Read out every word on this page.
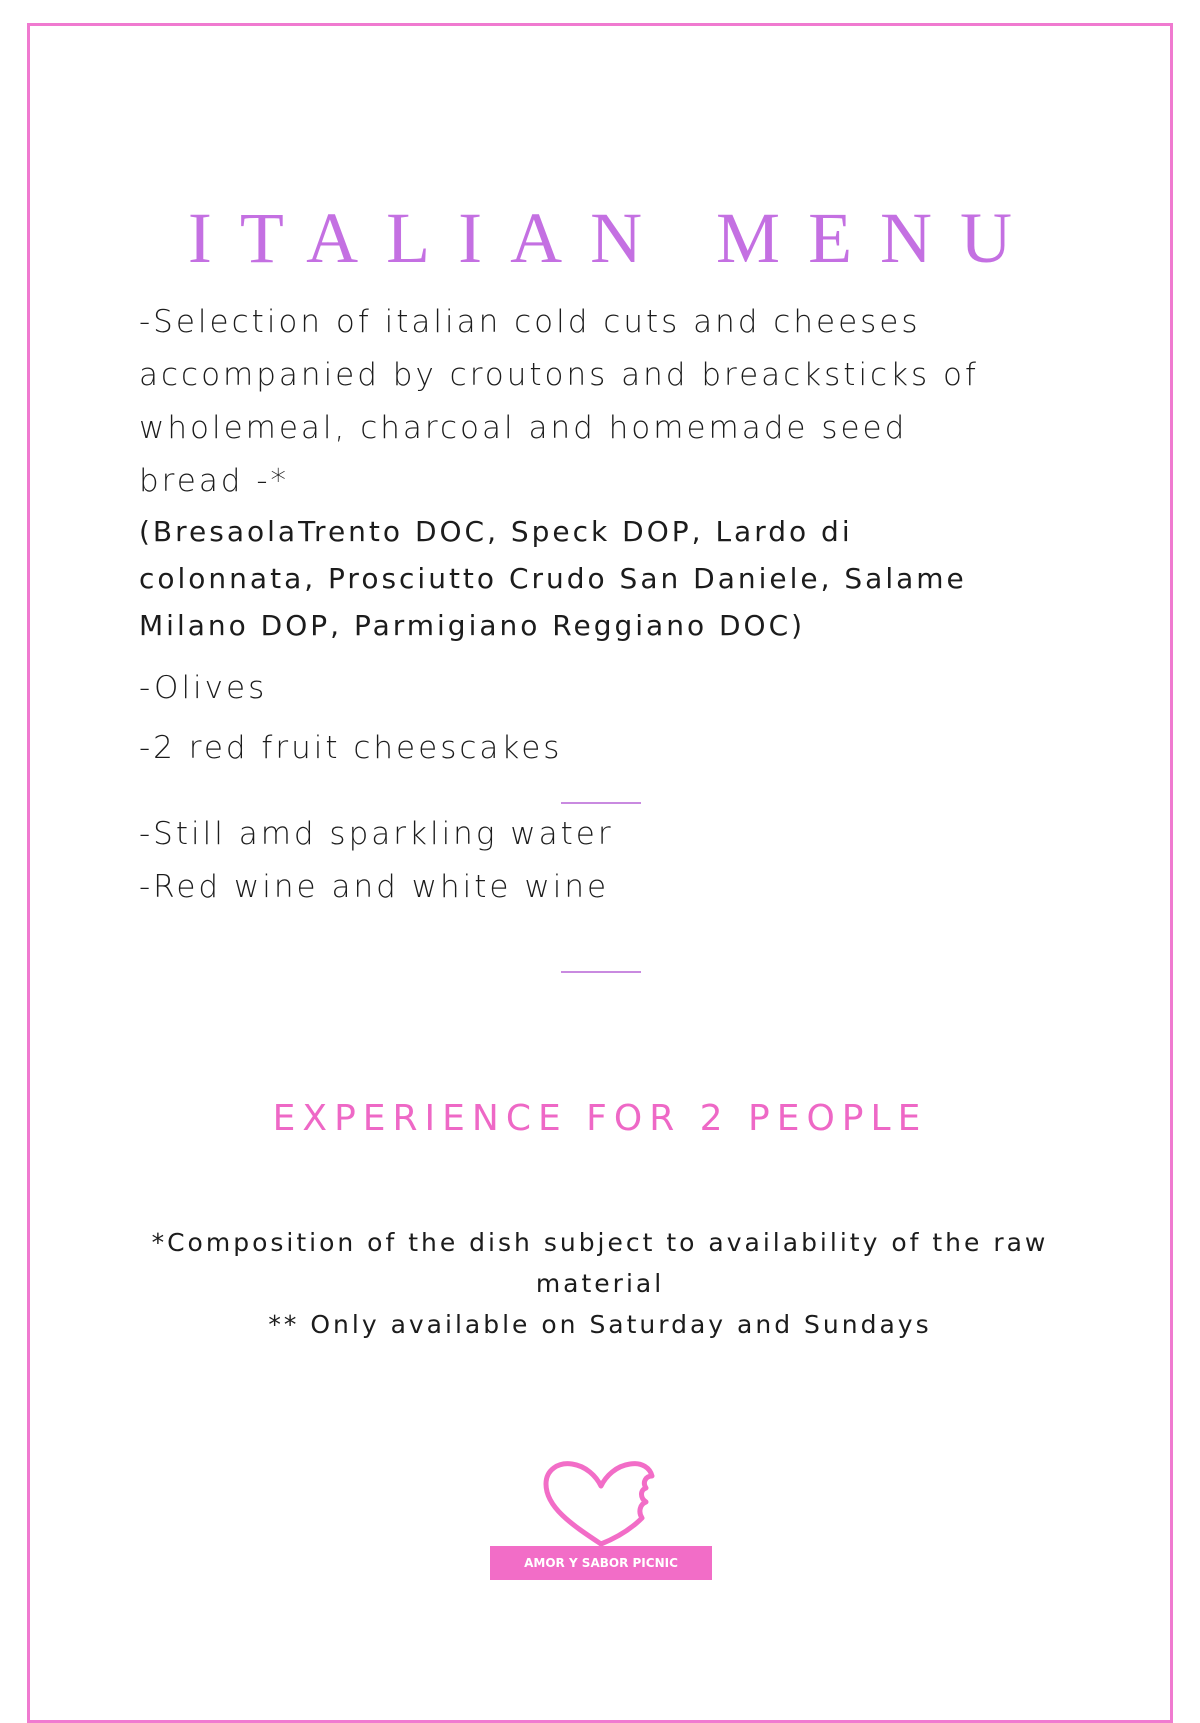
ITALIAN MENU
-Selection of italian cold cuts and cheeses
accompanied by croutons and breacksticks of
wholemeal, charcoal and homemade seed
bread -*
(BresaolaTrento DOC, Speck DOP, Lardo di
colonnata, Prosciutto Crudo San Daniele, Salame
Milano DOP, Parmigiano Reggiano DOC)
-Olives
-2 red fruit cheescakes
-Still amd sparkling water
-Red wine and white wine
EXPERIENCE FOR 2 PEOPLE
*Composition of the dish subject to availability of the raw
material
** Only available on Saturday and Sundays
AMOR Y SABOR PICNIC
